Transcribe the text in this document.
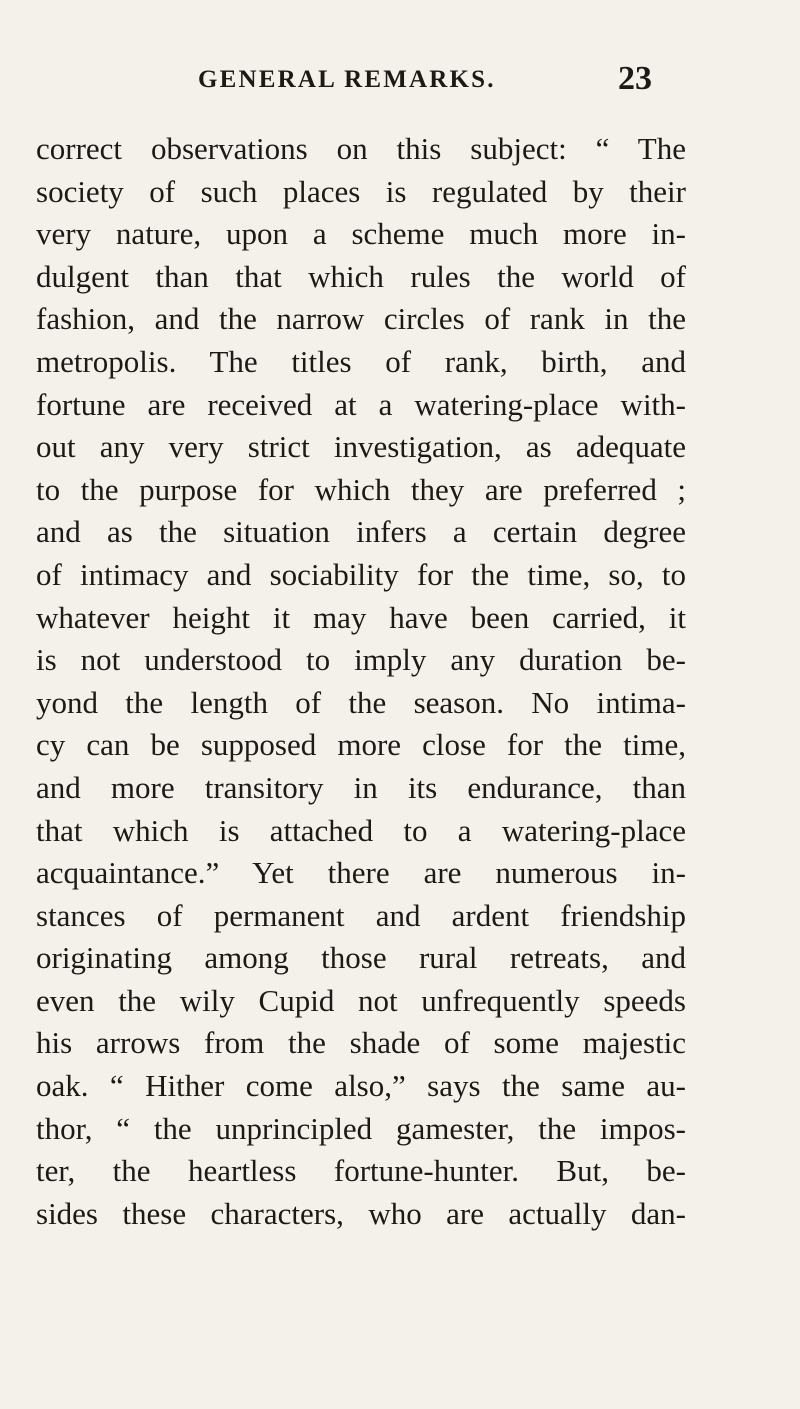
GENERAL REMARKS.	23
correct observations on this subject: “ The
society of such places is regulated by their
very nature, upon a scheme much more in-
dulgent than that which rules the world of
fashion, and the narrow circles of rank in the
metropolis. The titles of rank, birth, and
fortune are received at a watering-place with-
out any very strict investigation, as adequate
to the purpose for which they are preferred ;
and as the situation infers a certain degree
of intimacy and sociability for the time, so, to
whatever height it may have been carried, it
is not understood to imply any duration be-
yond the length of the season. No intima-
cy can be supposed more close for the time,
and more transitory in its endurance, than
that which is attached to a watering-place
acquaintance.” Yet there are numerous in-
stances of permanent and ardent friendship
originating among those rural retreats, and
even the wily Cupid not unfrequently speeds
his arrows from the shade of some majestic
oak. “ Hither come also,” says the same au-
thor, “ the unprincipled gamester, the impos-
ter, the heartless fortune-hunter. But, be-
sides these characters, who are actually dan-
